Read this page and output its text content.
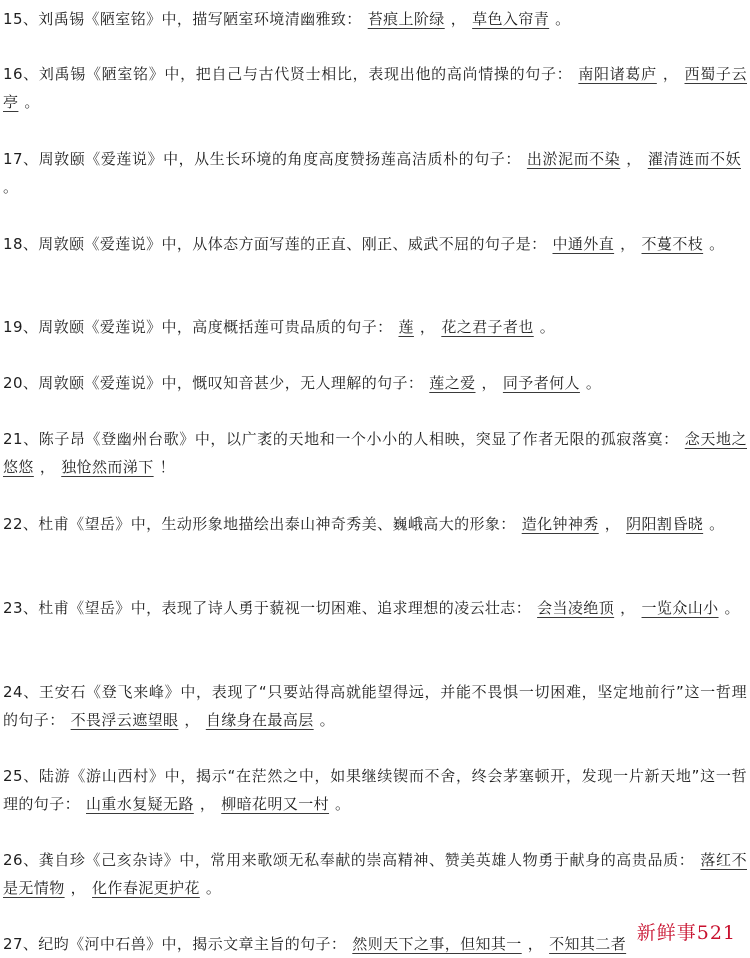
15、刘禹锡《陋室铭》中，描写陋室环境清幽雅致： 苔痕上阶绿 ， 草色入帘青 。
16、刘禹锡《陋室铭》中，把自己与古代贤士相比，表现出他的高尚情操的句子： 南阳诸葛庐 ， 西蜀子云亭 。
17、周敦颐《爱莲说》中，从生长环境的角度高度赞扬莲高洁质朴的句子： 出淤泥而不染 ， 濯清涟而不妖 。
18、周敦颐《爱莲说》中，从体态方面写莲的正直、刚正、威武不屈的句子是： 中通外直 ， 不蔓不枝 。
19、周敦颐《爱莲说》中，高度概括莲可贵品质的句子： 莲 ， 花之君子者也 。
20、周敦颐《爱莲说》中，慨叹知音甚少，无人理解的句子： 莲之爱 ， 同予者何人 。
21、陈子昂《登幽州台歌》中，以广袤的天地和一个小小的人相映，突显了作者无限的孤寂落寞： 念天地之悠悠 ， 独怆然而涕下 ！
22、杜甫《望岳》中，生动形象地描绘出泰山神奇秀美、巍峨高大的形象： 造化钟神秀 ， 阴阳割昏晓 。
23、杜甫《望岳》中，表现了诗人勇于藐视一切困难、追求理想的凌云壮志： 会当凌绝顶 ， 一览众山小 。
24、王安石《登飞来峰》中，表现了“只要站得高就能望得远，并能不畏惧一切困难，坚定地前行”这一哲理的句子： 不畏浮云遮望眼 ， 自缘身在最高层 。
25、陆游《游山西村》中，揭示“在茫然之中，如果继续锲而不舍，终会茅塞顿开，发现一片新天地”这一哲理的句子： 山重水复疑无路 ， 柳暗花明又一村 。
26、龚自珍《己亥杂诗》中，常用来歌颂无私奉献的崇高精神、赞美英雄人物勇于献身的高贵品质： 落红不是无情物 ， 化作春泥更护花 。
27、纪昀《河中石兽》中，揭示文章主旨的句子： 然则天下之事，但知其一 ， 不知其二者 新鲜事521
